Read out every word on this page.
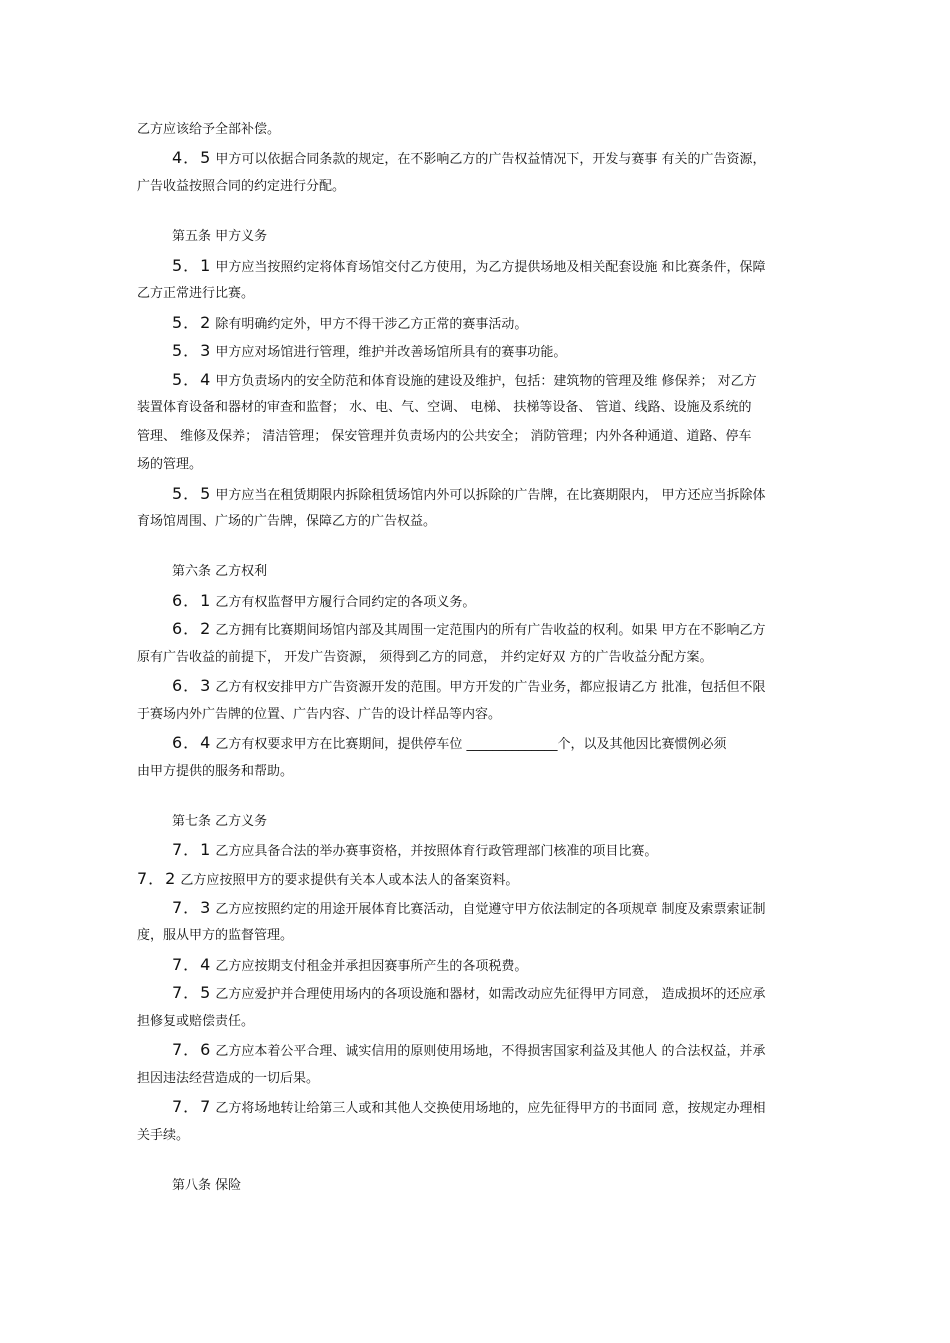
乙方应该给予全部补偿。
4．5 甲方可以依据合同条款的规定，在不影响乙方的广告权益情况下，开发与赛事 有关的广告资源，
广告收益按照合同的约定进行分配。
第五条 甲方义务
5．1 甲方应当按照约定将体育场馆交付乙方使用，为乙方提供场地及相关配套设施 和比赛条件，保障
乙方正常进行比赛。
5．2 除有明确约定外，甲方不得干涉乙方正常的赛事活动。
5．3 甲方应对场馆进行管理，维护并改善场馆所具有的赛事功能。
5．4 甲方负责场内的安全防范和体育设施的建设及维护，包括：建筑物的管理及维 修保养； 对乙方
装置体育设备和器材的审查和监督； 水、电、气、空调、 电梯、 扶梯等设备、 管道、线路、设施及系统的
管理、 维修及保养； 清洁管理； 保安管理并负责场内的公共安全； 消防管理；内外各种通道、道路、停车
场的管理。
5．5 甲方应当在租赁期限内拆除租赁场馆内外可以拆除的广告牌，在比赛期限内， 甲方还应当拆除体
育场馆周围、广场的广告牌，保障乙方的广告权益。
第六条 乙方权利
6．1 乙方有权监督甲方履行合同约定的各项义务。
6．2 乙方拥有比赛期间场馆内部及其周围一定范围内的所有广告收益的权利。如果 甲方在不影响乙方
原有广告收益的前提下， 开发广告资源， 须得到乙方的同意， 并约定好双 方的广告收益分配方案。
6．3 乙方有权安排甲方广告资源开发的范围。甲方开发的广告业务，都应报请乙方 批准，包括但不限
于赛场内外广告牌的位置、广告内容、广告的设计样品等内容。
6．4 乙方有权要求甲方在比赛期间，提供停车位 ______________个，以及其他因比赛惯例必须
由甲方提供的服务和帮助。
第七条 乙方义务
7．1 乙方应具备合法的举办赛事资格，并按照体育行政管理部门核准的项目比赛。
7．2 乙方应按照甲方的要求提供有关本人或本法人的备案资料。
7．3 乙方应按照约定的用途开展体育比赛活动，自觉遵守甲方依法制定的各项规章 制度及索票索证制
度，服从甲方的监督管理。
7．4 乙方应按期支付租金并承担因赛事所产生的各项税费。
7．5 乙方应爱护并合理使用场内的各项设施和器材，如需改动应先征得甲方同意， 造成损坏的还应承
担修复或赔偿责任。
7．6 乙方应本着公平合理、诚实信用的原则使用场地，不得损害国家利益及其他人 的合法权益，并承
担因违法经营造成的一切后果。
7．7 乙方将场地转让给第三人或和其他人交换使用场地的，应先征得甲方的书面同 意，按规定办理相
关手续。
第八条 保险
